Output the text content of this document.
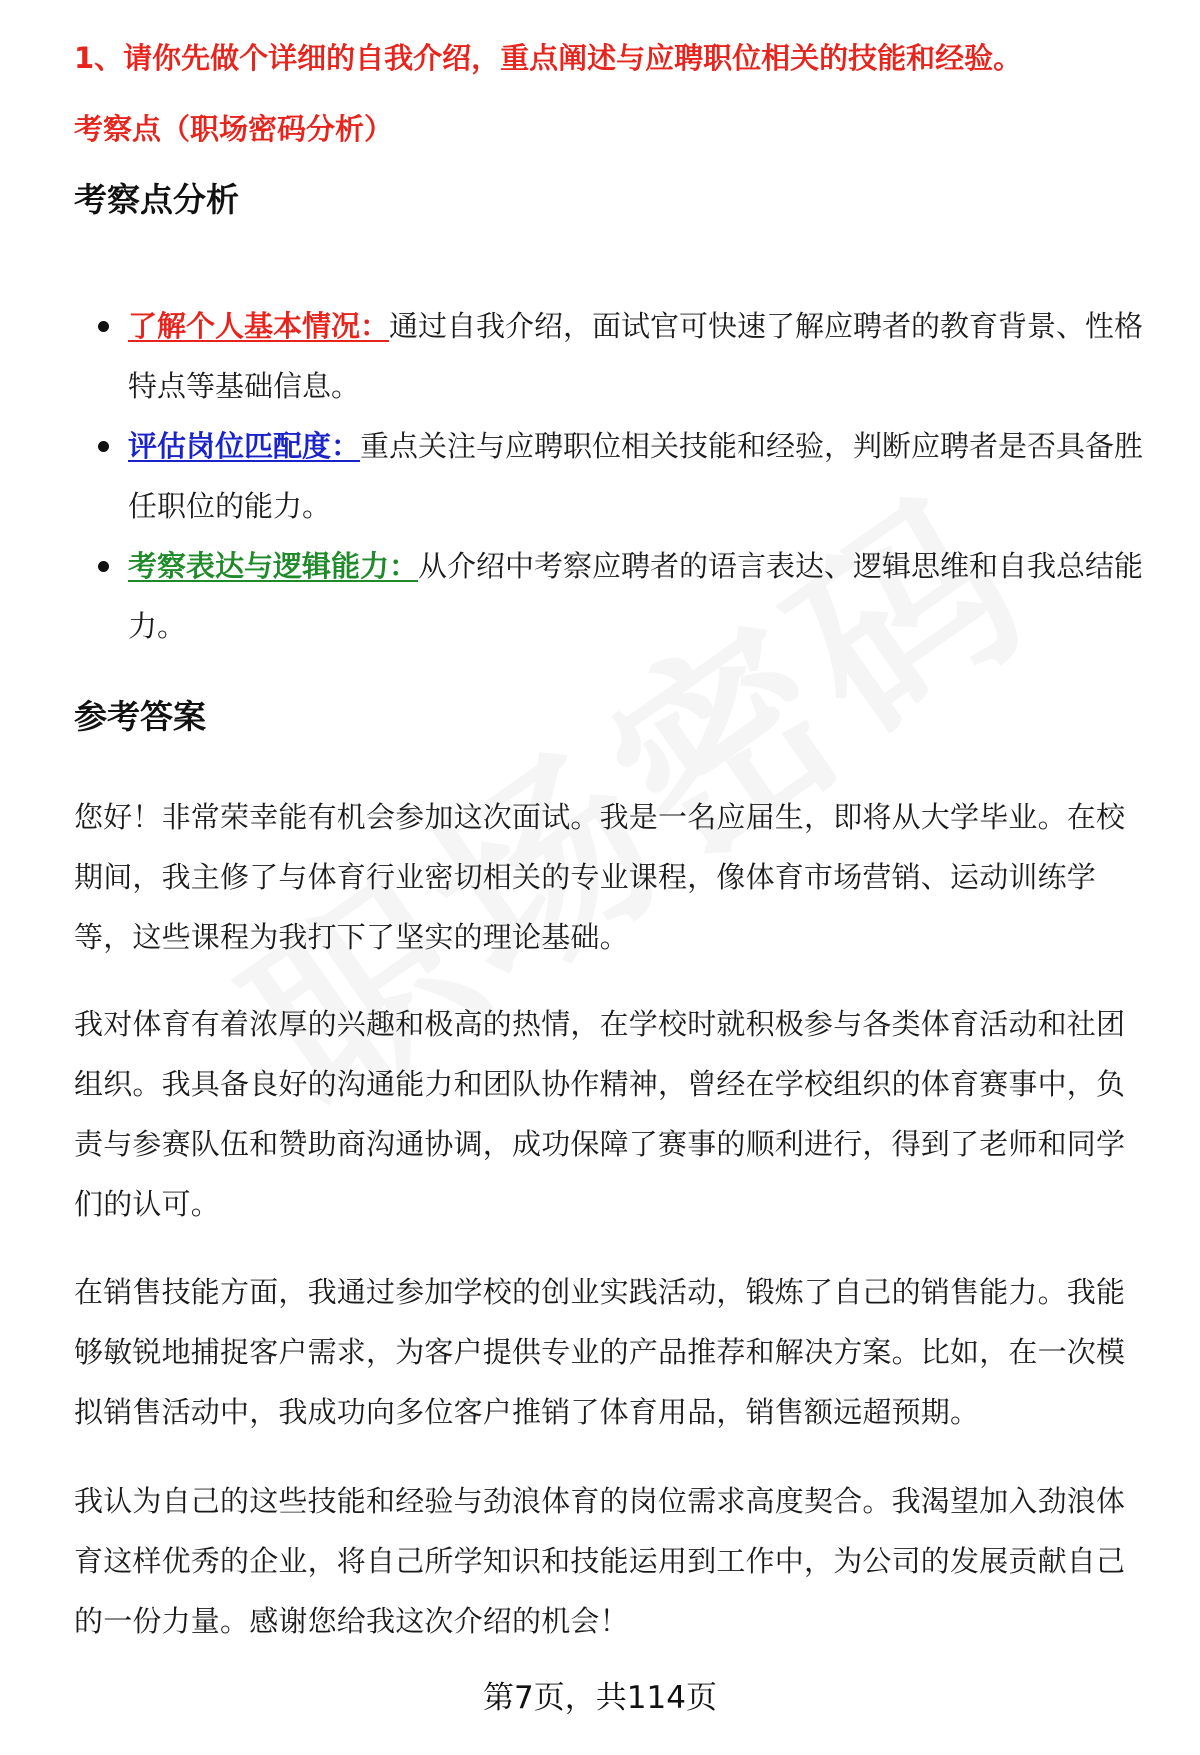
1、请你先做个详细的自我介绍，重点阐述与应聘职位相关的技能和经验。
考察点（职场密码分析）
考察点分析
了解个人基本情况：通过自我介绍，面试官可快速了解应聘者的教育背景、性格特点等基础信息。
评估岗位匹配度：重点关注与应聘职位相关技能和经验，判断应聘者是否具备胜任职位的能力。
考察表达与逻辑能力：从介绍中考察应聘者的语言表达、逻辑思维和自我总结能力。
参考答案

您好！非常荣幸能有机会参加这次面试。我是一名应届生，即将从大学毕业。在校期间，我主修了与体育行业密切相关的专业课程，像体育市场营销、运动训练学等，这些课程为我打下了坚实的理论基础。

我对体育有着浓厚的兴趣和极高的热情，在学校时就积极参与各类体育活动和社团组织。我具备良好的沟通能力和团队协作精神，曾经在学校组织的体育赛事中，负责与参赛队伍和赞助商沟通协调，成功保障了赛事的顺利进行，得到了老师和同学们的认可。

在销售技能方面，我通过参加学校的创业实践活动，锻炼了自己的销售能力。我能够敏锐地捕捉客户需求，为客户提供专业的产品推荐和解决方案。比如，在一次模拟销售活动中，我成功向多位客户推销了体育用品，销售额远超预期。

我认为自己的这些技能和经验与劲浪体育的岗位需求高度契合。我渴望加入劲浪体育这样优秀的企业，将自己所学知识和技能运用到工作中，为公司的发展贡献自己的一份力量。感谢您给我这次介绍的机会！

第7页，共114页
